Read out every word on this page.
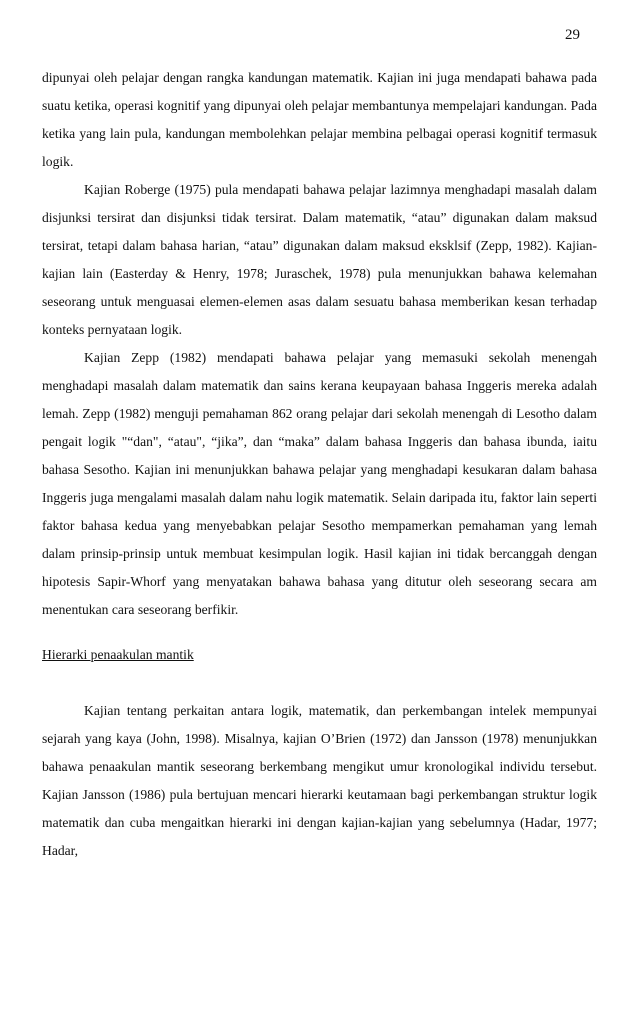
29

dipunyai oleh pelajar dengan rangka kandungan matematik. Kajian ini juga mendapati bahawa pada suatu ketika, operasi kognitif yang dipunyai oleh pelajar membantunya mempelajari kandungan. Pada ketika yang lain pula, kandungan membolehkan pelajar membina pelbagai operasi kognitif termasuk logik.

Kajian Roberge (1975) pula mendapati bahawa pelajar lazimnya menghadapi masalah dalam disjunksi tersirat dan disjunksi tidak tersirat. Dalam matematik, “atau” digunakan dalam maksud tersirat, tetapi dalam bahasa harian, “atau” digunakan dalam maksud eksklsif (Zepp, 1982). Kajian-kajian lain (Easterday & Henry, 1978; Juraschek, 1978) pula menunjukkan bahawa kelemahan seseorang untuk menguasai elemen-elemen asas dalam sesuatu bahasa memberikan kesan terhadap konteks pernyataan logik.

Kajian Zepp (1982) mendapati bahawa pelajar yang memasuki sekolah menengah menghadapi masalah dalam matematik dan sains kerana keupayaan bahasa Inggeris mereka adalah lemah. Zepp (1982) menguji pemahaman 862 orang pelajar dari sekolah menengah di Lesotho dalam pengait logik "“dan", “atau", “jika”, dan “maka” dalam bahasa Inggeris dan bahasa ibunda, iaitu bahasa Sesotho. Kajian ini menunjukkan bahawa pelajar yang menghadapi kesukaran dalam bahasa Inggeris juga mengalami masalah dalam nahu logik matematik. Selain daripada itu, faktor lain seperti faktor bahasa kedua yang menyebabkan pelajar Sesotho mempamerkan pemahaman yang lemah dalam prinsip-prinsip untuk membuat kesimpulan logik. Hasil kajian ini tidak bercanggah dengan hipotesis Sapir-Whorf yang menyatakan bahawa bahasa yang ditutur oleh seseorang secara am menentukan cara seseorang berfikir.

Hierarki penaakulan mantik

Kajian tentang perkaitan antara logik, matematik, dan perkembangan intelek mempunyai sejarah yang kaya (John, 1998). Misalnya, kajian O’Brien (1972) dan Jansson (1978) menunjukkan bahawa penaakulan mantik seseorang berkembang mengikut umur kronologikal individu tersebut. Kajian Jansson (1986) pula bertujuan mencari hierarki keutamaan bagi perkembangan struktur logik matematik dan cuba mengaitkan hierarki ini dengan kajian-kajian yang sebelumnya (Hadar, 1977; Hadar,
